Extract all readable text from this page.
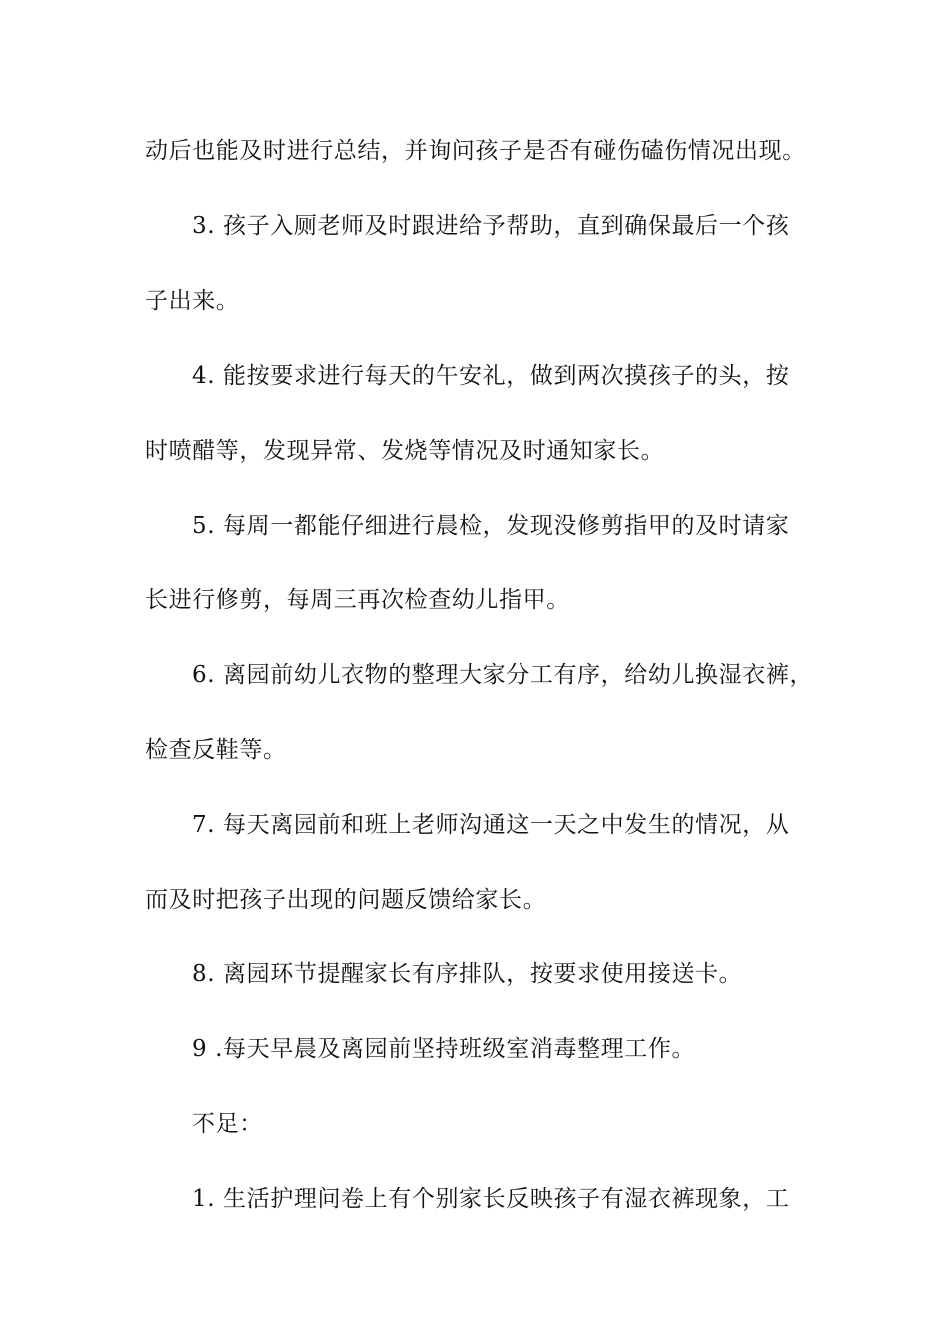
动后也能及时进行总结，并询问孩子是否有碰伤磕伤情况出现。
3. 孩子入厕老师及时跟进给予帮助，直到确保最后一个孩
子出来。
4. 能按要求进行每天的午安礼，做到两次摸孩子的头，按
时喷醋等，发现异常、发烧等情况及时通知家长。
5. 每周一都能仔细进行晨检，发现没修剪指甲的及时请家
长进行修剪，每周三再次检查幼儿指甲。
6. 离园前幼儿衣物的整理大家分工有序，给幼儿换湿衣裤，
检查反鞋等。
7. 每天离园前和班上老师沟通这一天之中发生的情况，从
而及时把孩子出现的问题反馈给家长。
8. 离园环节提醒家长有序排队，按要求使用接送卡。
9 .每天早晨及离园前坚持班级室消毒整理工作。
不足：
1. 生活护理问卷上有个别家长反映孩子有湿衣裤现象，工
